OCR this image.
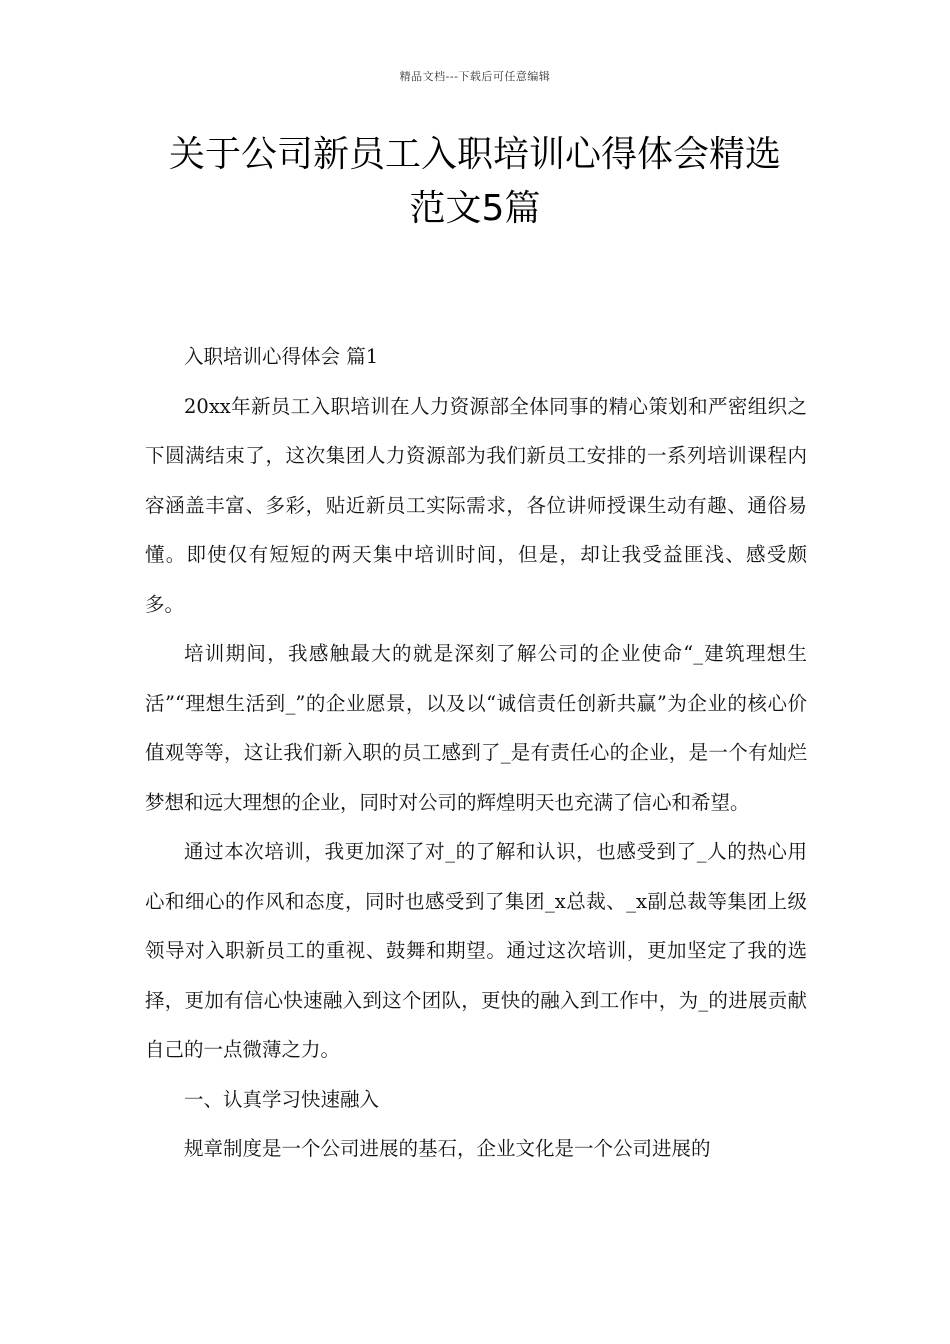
精品文档---下载后可任意编辑
关于公司新员工入职培训心得体会精选
范文5篇

入职培训心得体会 篇1

20xx年新员工入职培训在人力资源部全体同事的精心策划和严密组织之下圆满结束了，这次集团人力资源部为我们新员工安排的一系列培训课程内容涵盖丰富、多彩，贴近新员工实际需求，各位讲师授课生动有趣、通俗易懂。即使仅有短短的两天集中培训时间，但是，却让我受益匪浅、感受颇多。

培训期间，我感触最大的就是深刻了解公司的企业使命“_建筑理想生活”“理想生活到_”的企业愿景，以及以“诚信责任创新共赢”为企业的核心价值观等等，这让我们新入职的员工感到了_是有责任心的企业，是一个有灿烂梦想和远大理想的企业，同时对公司的辉煌明天也充满了信心和希望。

通过本次培训，我更加深了对_的了解和认识，也感受到了_人的热心用心和细心的作风和态度，同时也感受到了集团_x总裁、_x副总裁等集团上级领导对入职新员工的重视、鼓舞和期望。通过这次培训，更加坚定了我的选择，更加有信心快速融入到这个团队，更快的融入到工作中，为_的进展贡献自己的一点微薄之力。

一、认真学习快速融入

规章制度是一个公司进展的基石，企业文化是一个公司进展的
